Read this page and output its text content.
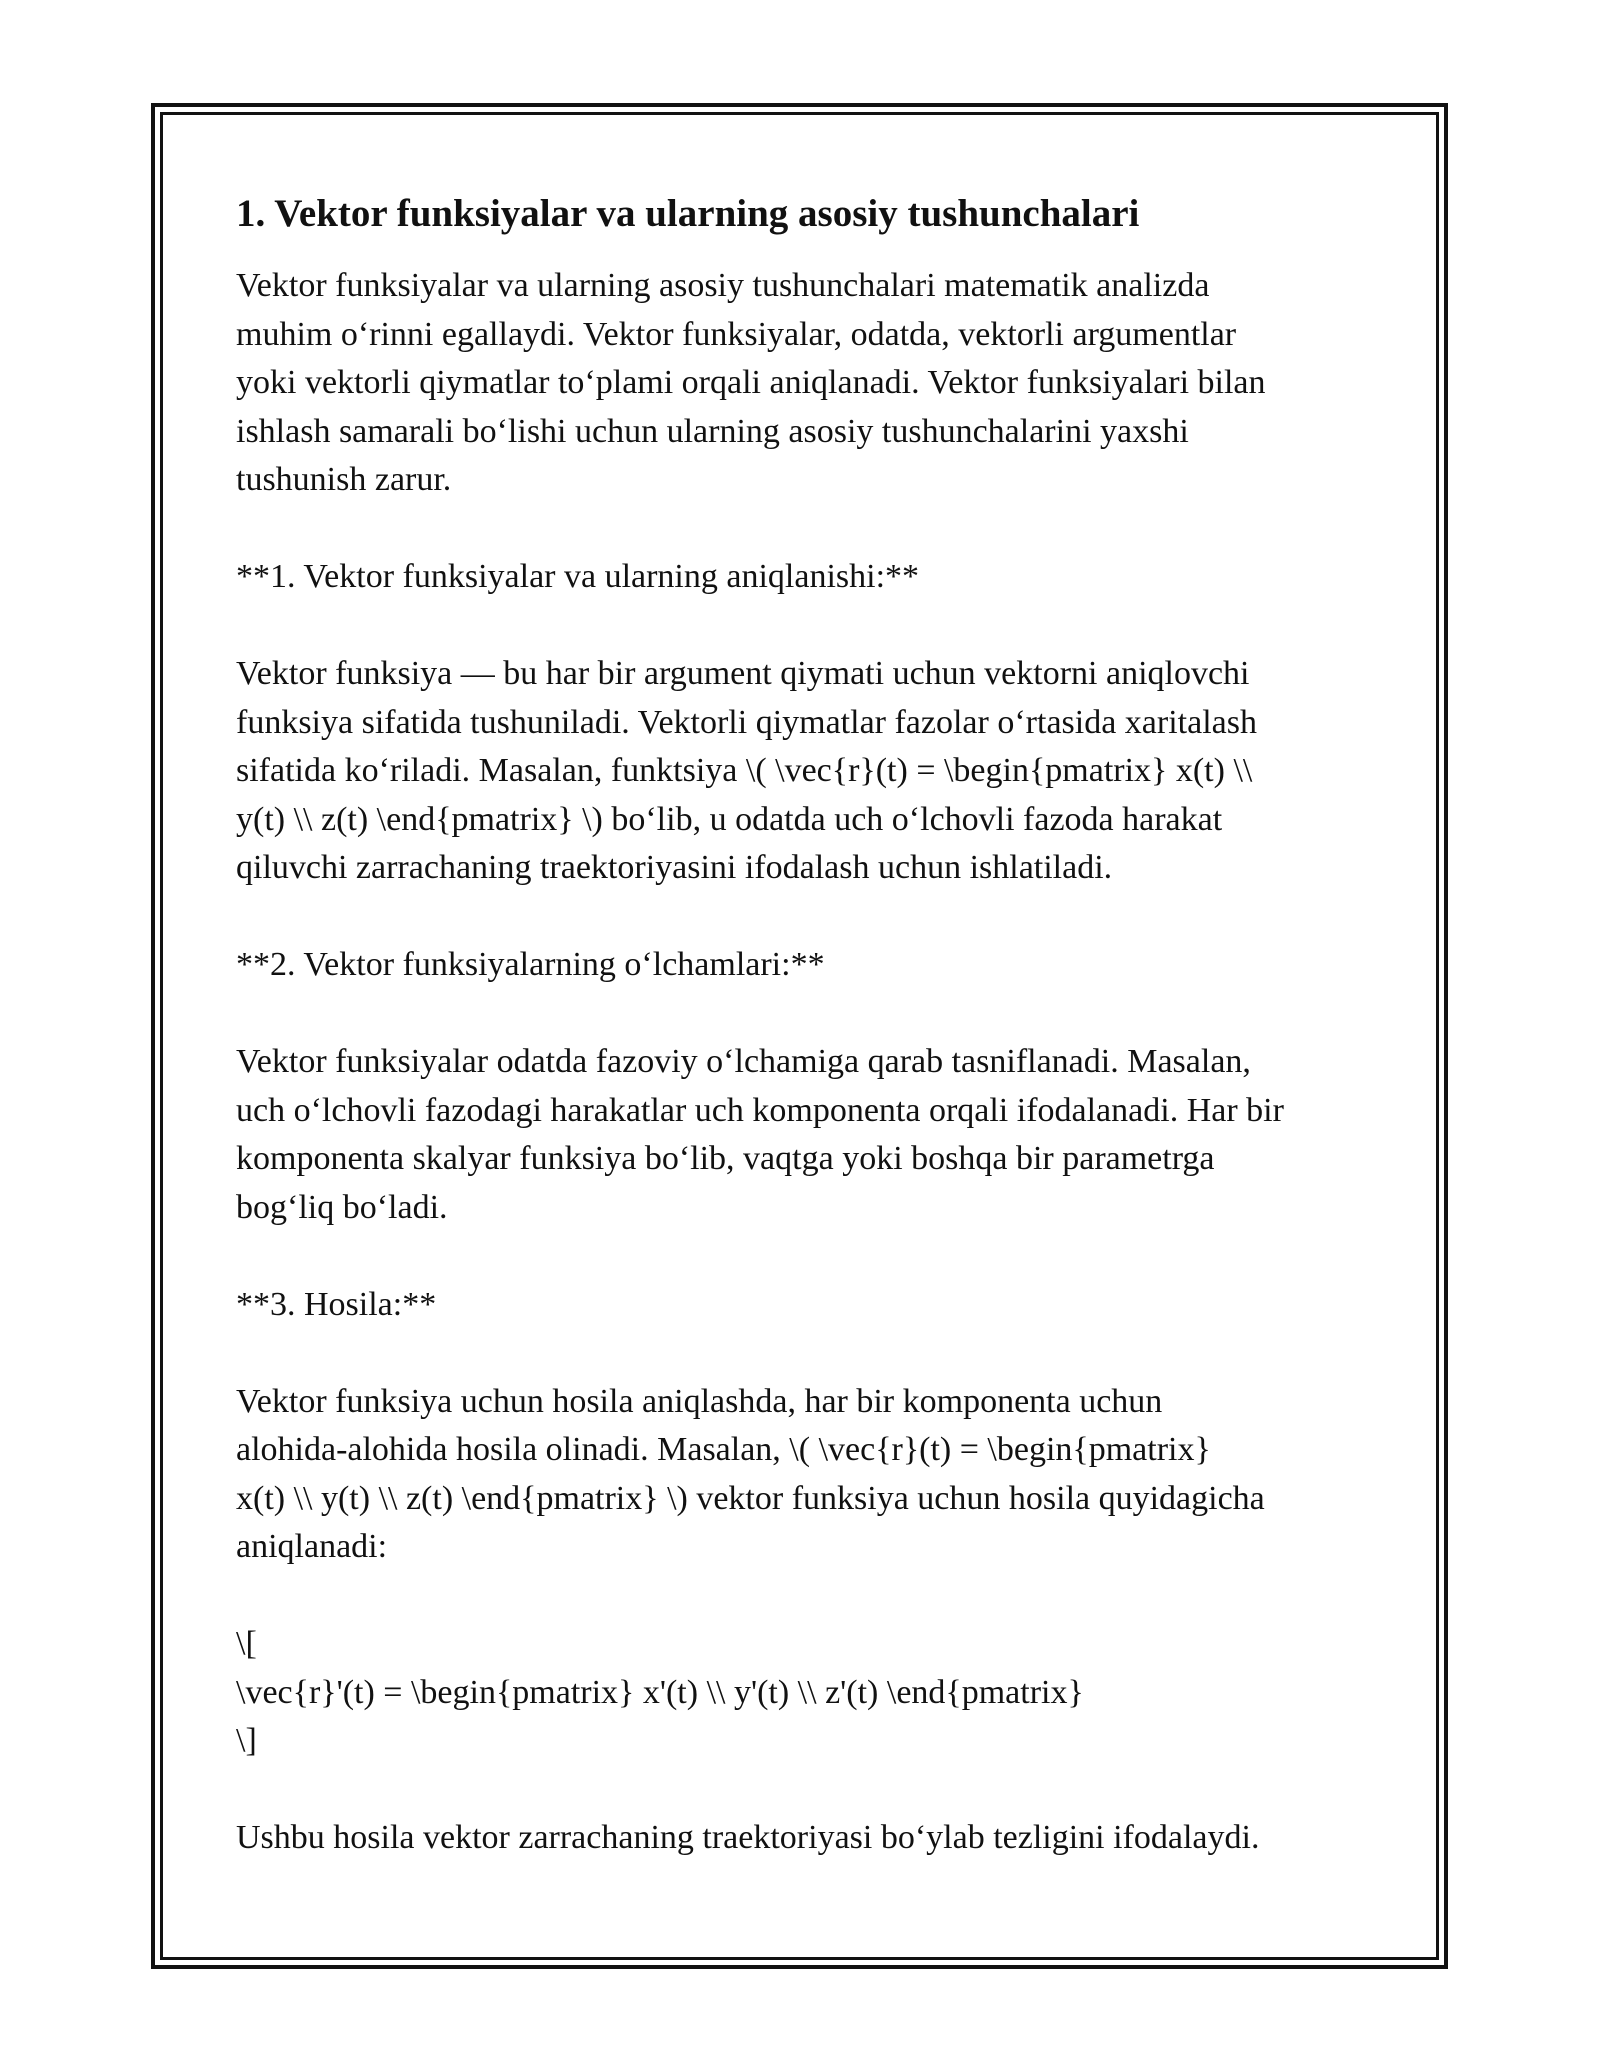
1. Vektor funksiyalar va ularning asosiy tushunchalari

Vektor funksiyalar va ularning asosiy tushunchalari matematik analizda
muhim o‘rinni egallaydi. Vektor funksiyalar, odatda, vektorli argumentlar
yoki vektorli qiymatlar to‘plami orqali aniqlanadi. Vektor funksiyalari bilan
ishlash samarali bo‘lishi uchun ularning asosiy tushunchalarini yaxshi
tushunish zarur.

**1. Vektor funksiyalar va ularning aniqlanishi:**

Vektor funksiya — bu har bir argument qiymati uchun vektorni aniqlovchi
funksiya sifatida tushuniladi. Vektorli qiymatlar fazolar o‘rtasida xaritalash
sifatida ko‘riladi. Masalan, funktsiya \( \vec{r}(t) = \begin{pmatrix} x(t) \\
y(t) \\ z(t) \end{pmatrix} \) bo‘lib, u odatda uch o‘lchovli fazoda harakat
qiluvchi zarrachaning traektoriyasini ifodalash uchun ishlatiladi.

**2. Vektor funksiyalarning o‘lchamlari:**

Vektor funksiyalar odatda fazoviy o‘lchamiga qarab tasniflanadi. Masalan,
uch o‘lchovli fazodagi harakatlar uch komponenta orqali ifodalanadi. Har bir
komponenta skalyar funksiya bo‘lib, vaqtga yoki boshqa bir parametrga
bog‘liq bo‘ladi.

**3. Hosila:**

Vektor funksiya uchun hosila aniqlashda, har bir komponenta uchun
alohida-alohida hosila olinadi. Masalan, \( \vec{r}(t) = \begin{pmatrix}
x(t) \\ y(t) \\ z(t) \end{pmatrix} \) vektor funksiya uchun hosila quyidagicha
aniqlanadi:

\[
\vec{r}'(t) = \begin{pmatrix} x'(t) \\ y'(t) \\ z'(t) \end{pmatrix}
\]

Ushbu hosila vektor zarrachaning traektoriyasi bo‘ylab tezligini ifodalaydi.
